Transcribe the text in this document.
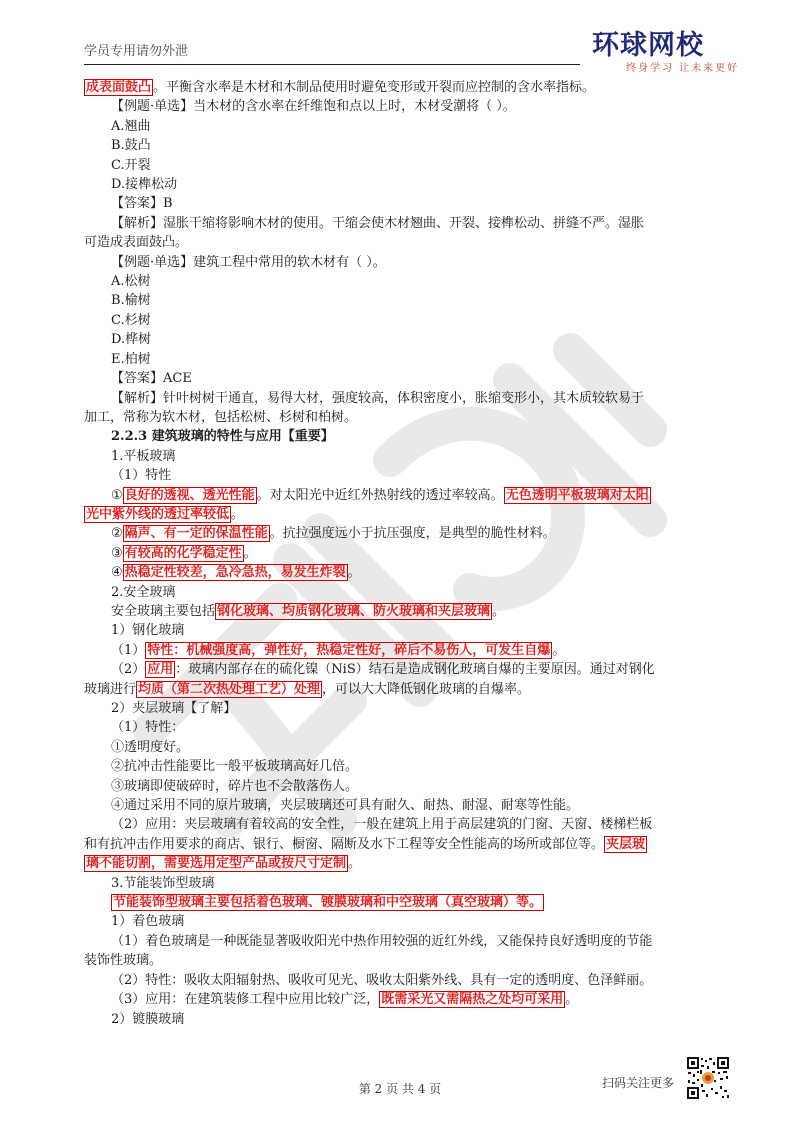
学员专用请勿外泄	环球网校
终身学习 让未来更好

成表面鼓凸 。平衡含水率是木材和木制品使用时避免变形或开裂而应控制的含水率指标。

【例题·单选】当木材的含水率在纤维饱和点以上时，木材受潮将（ ）。

A.翘曲

B.鼓凸

C.开裂

D.接榫松动

【答案】B

【解析】湿胀干缩将影响木材的使用。干缩会使木材翘曲、开裂、接榫松动、拼缝不严。湿胀

可造成表面鼓凸。

【例题·单选】建筑工程中常用的软木材有（ ）。

A.松树

B.榆树

C.杉树

D.桦树

E.柏树

【答案】ACE

【解析】针叶树树干通直，易得大材，强度较高，体积密度小，胀缩变形小，其木质较软易于

加工，常称为软木材，包括松树、杉树和柏树。

2.2.3 建筑玻璃的特性与应用【重要】

1.平板玻璃

（1）特性

① 良好的透视、透光性能 。对太阳光中近红外热射线的透过率较高。 无色透明平板玻璃对太阳

光中紫外线的透过率较低 。

② 隔声、有一定的保温性能 。抗拉强度远小于抗压强度，是典型的脆性材料。

③ 有较高的化学稳定性 。

④ 热稳定性较差，急冷急热，易发生炸裂 。

2.安全玻璃

安全玻璃主要包括 钢化玻璃、均质钢化玻璃、防火玻璃和夹层玻璃 。

1）钢化玻璃

（1） 特性：机械强度高，弹性好，热稳定性好，碎后不易伤人，可发生自爆 。

（2） 应用 ：玻璃内部存在的硫化镍（NiS）结石是造成钢化玻璃自爆的主要原因。通过对钢化

玻璃进行 均质（第二次热处理工艺）处理 ，可以大大降低钢化玻璃的自爆率。

2）夹层玻璃【了解】

（1）特性：

①透明度好。

②抗冲击性能要比一般平板玻璃高好几倍。

③玻璃即使破碎时，碎片也不会散落伤人。

④通过采用不同的原片玻璃，夹层玻璃还可具有耐久、耐热、耐湿、耐寒等性能。

（2）应用：夹层玻璃有着较高的安全性，一般在建筑上用于高层建筑的门窗、天窗、楼梯栏板

和有抗冲击作用要求的商店、银行、橱窗、隔断及水下工程等安全性能高的场所或部位等。 夹层玻

璃不能切割，需要选用定型产品或按尺寸定制 。

3.节能装饰型玻璃

节能装饰型玻璃主要包括着色玻璃、镀膜玻璃和中空玻璃（真空玻璃）等。

1）着色玻璃

（1）着色玻璃是一种既能显著吸收阳光中热作用较强的近红外线，又能保持良好透明度的节能

装饰性玻璃。

（2）特性：吸收太阳辐射热、吸收可见光、吸收太阳紫外线、具有一定的透明度、色泽鲜丽。

（3）应用：在建筑装修工程中应用比较广泛， 既需采光又需隔热之处均可采用 。

2）镀膜玻璃

第 2 页 共 4 页	扫码关注更多
